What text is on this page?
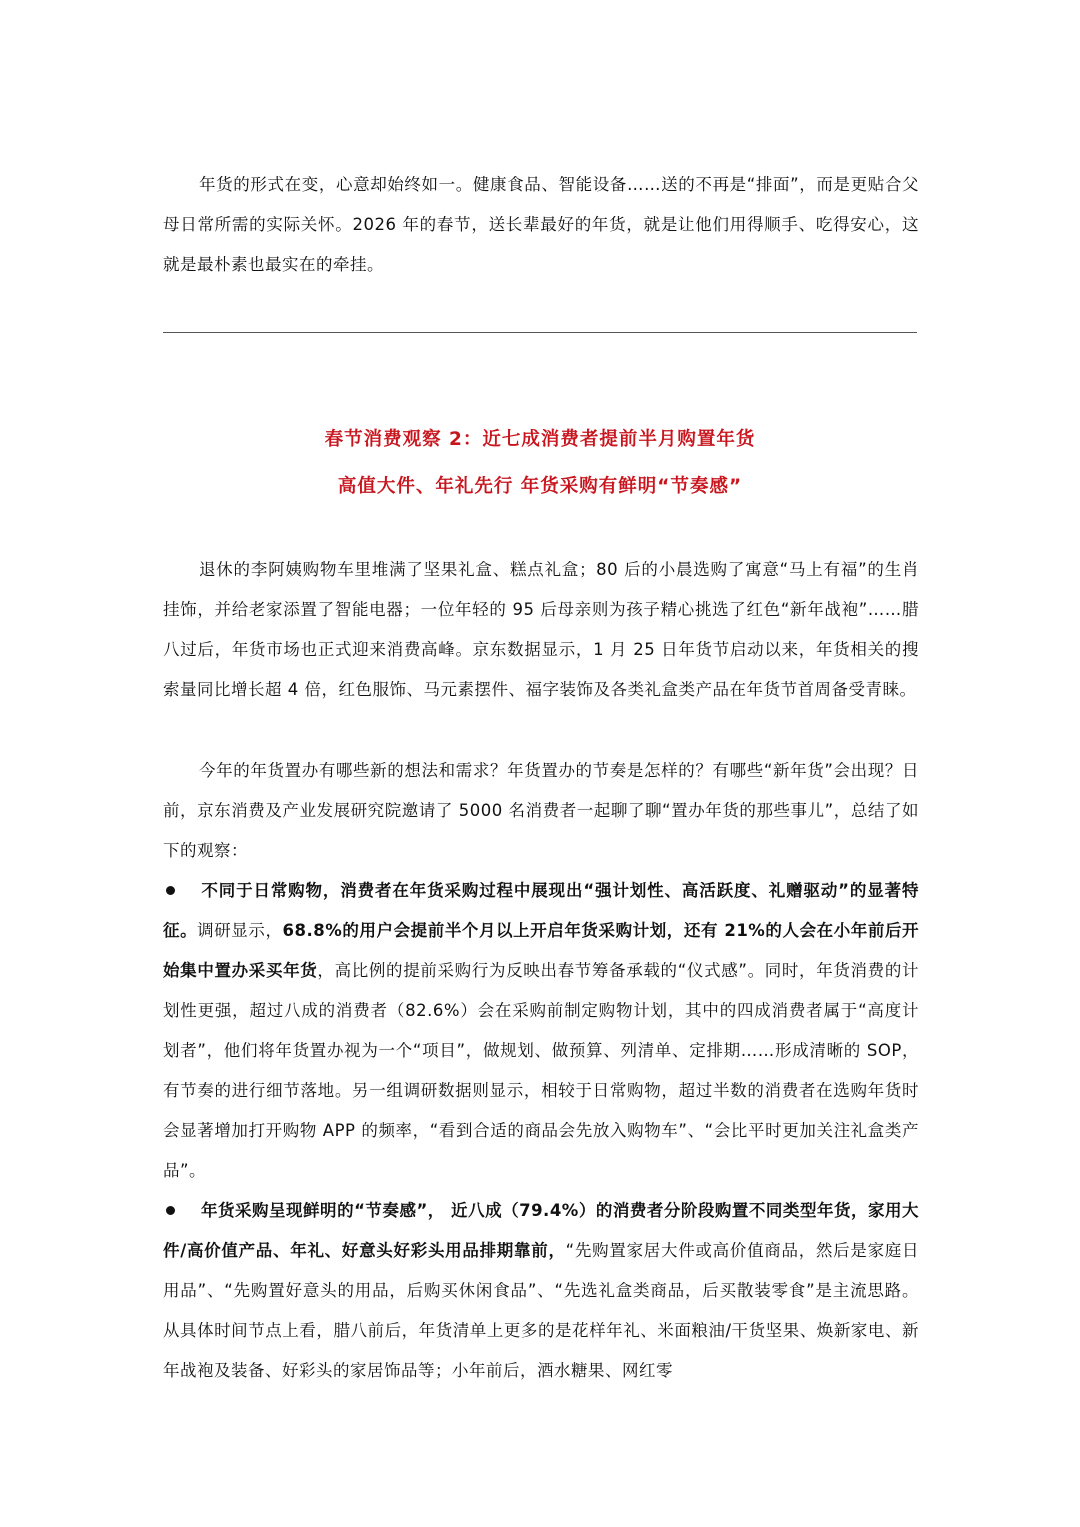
年货的形式在变，心意却始终如一。健康食品、智能设备……送的不再是“排面”，而是更贴合父母日常所需的实际关怀。2026 年的春节，送长辈最好的年货，就是让他们用得顺手、吃得安心，这就是最朴素也最实在的牵挂。

春节消费观察 2：近七成消费者提前半月购置年货

高值大件、年礼先行 年货采购有鲜明“节奏感”

退休的李阿姨购物车里堆满了坚果礼盒、糕点礼盒；80 后的小晨选购了寓意“马上有福”的生肖挂饰，并给老家添置了智能电器；一位年轻的 95 后母亲则为孩子精心挑选了红色“新年战袍”……腊八过后，年货市场也正式迎来消费高峰。京东数据显示，1 月 25 日年货节启动以来，年货相关的搜索量同比增长超 4 倍，红色服饰、马元素摆件、福字装饰及各类礼盒类产品在年货节首周备受青睐。

今年的年货置办有哪些新的想法和需求？年货置办的节奏是怎样的？有哪些“新年货”会出现？日前，京东消费及产业发展研究院邀请了 5000 名消费者一起聊了聊“置办年货的那些事儿”，总结了如下的观察：

不同于日常购物，消费者在年货采购过程中展现出“强计划性、高活跃度、礼赠驱动”的显著特征。调研显示，68.8%的用户会提前半个月以上开启年货采购计划，还有 21%的人会在小年前后开始集中置办采买年货，高比例的提前采购行为反映出春节筹备承载的“仪式感”。同时，年货消费的计划性更强，超过八成的消费者（82.6%）会在采购前制定购物计划，其中的四成消费者属于“高度计划者”，他们将年货置办视为一个“项目”，做规划、做预算、列清单、定排期……形成清晰的 SOP，有节奏的进行细节落地。另一组调研数据则显示，相较于日常购物，超过半数的消费者在选购年货时会显著增加打开购物 APP 的频率，“看到合适的商品会先放入购物车”、“会比平时更加关注礼盒类产品”。

年货采购呈现鲜明的“节奏感”， 近八成（79.4%）的消费者分阶段购置不同类型年货，家用大件/高价值产品、年礼、好意头好彩头用品排期靠前，“先购置家居大件或高价值商品，然后是家庭日用品”、“先购置好意头的用品，后购买休闲食品”、“先选礼盒类商品，后买散装零食”是主流思路。从具体时间节点上看，腊八前后，年货清单上更多的是花样年礼、米面粮油/干货坚果、焕新家电、新年战袍及装备、好彩头的家居饰品等；小年前后，酒水糖果、网红零
